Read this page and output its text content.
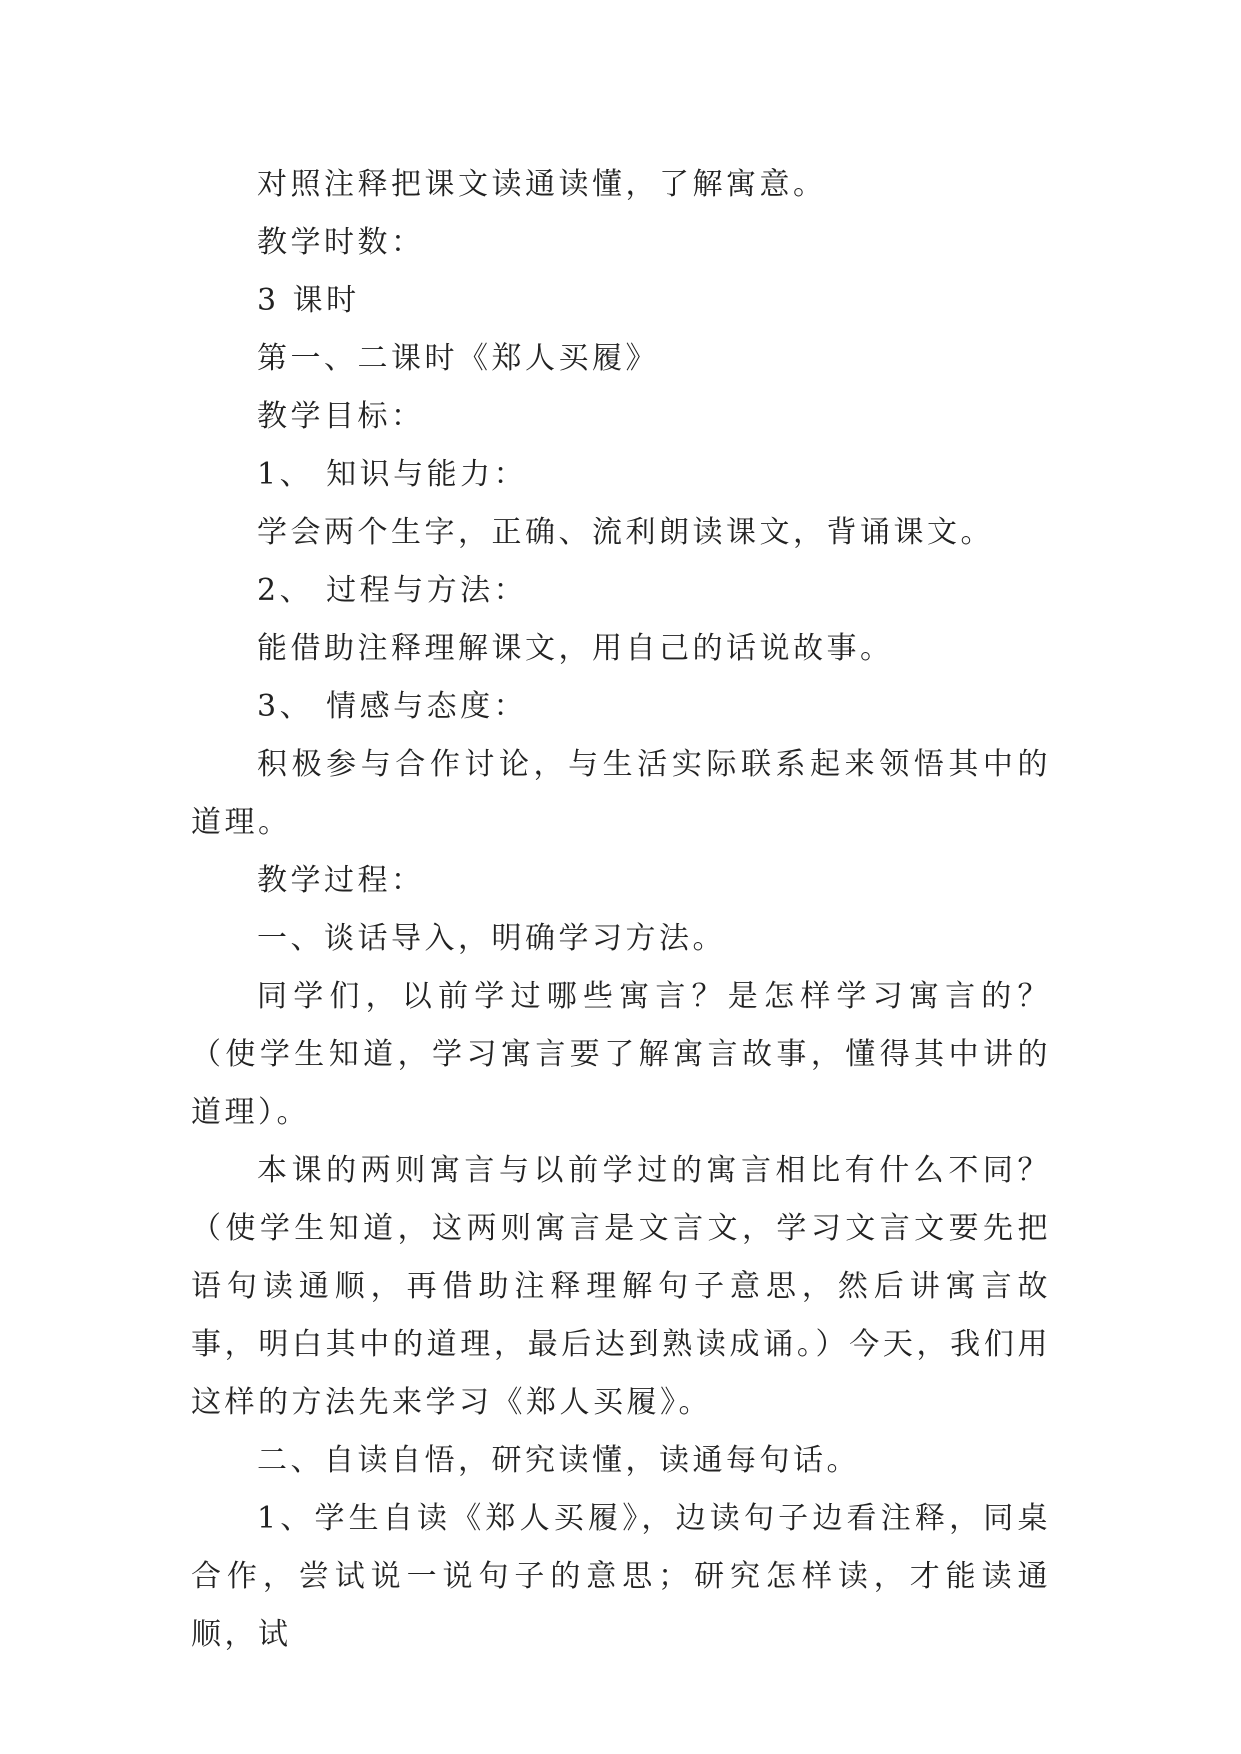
对照注释把课文读通读懂，了解寓意。

教学时数：

3 课时

第一、二课时《郑人买履》

教学目标：

1、 知识与能力：

学会两个生字，正确、流利朗读课文，背诵课文。

2、 过程与方法：

能借助注释理解课文，用自己的话说故事。

3、 情感与态度：

积极参与合作讨论，与生活实际联系起来领悟其中的道理。

教学过程：

一、谈话导入，明确学习方法。

同学们，以前学过哪些寓言？是怎样学习寓言的？（使学生知道，学习寓言要了解寓言故事，懂得其中讲的道理）。

本课的两则寓言与以前学过的寓言相比有什么不同？（使学生知道，这两则寓言是文言文，学习文言文要先把语句读通顺，再借助注释理解句子意思，然后讲寓言故事，明白其中的道理，最后达到熟读成诵。）今天，我们用这样的方法先来学习《郑人买履》。

二、自读自悟，研究读懂，读通每句话。

1、学生自读《郑人买履》，边读句子边看注释，同桌合作，尝试说一说句子的意思；研究怎样读，才能读通顺，试
